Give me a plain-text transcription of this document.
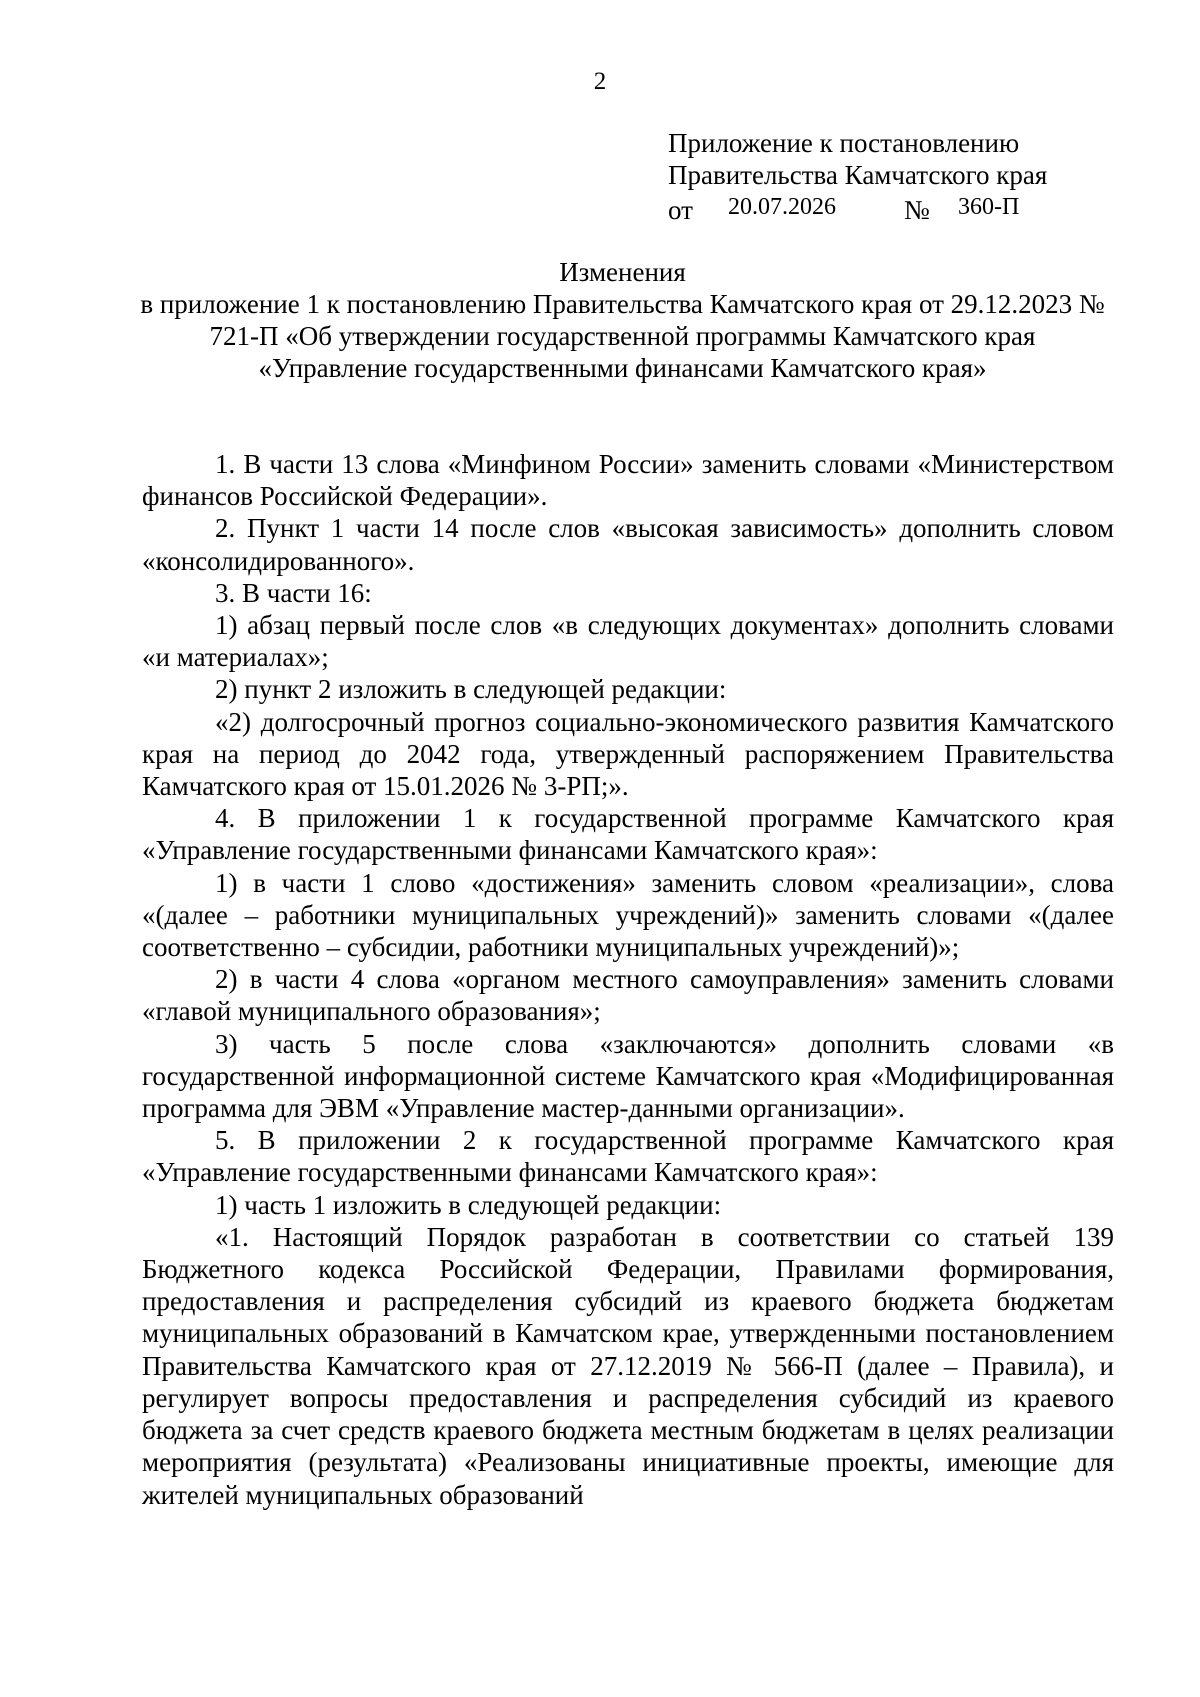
2
Приложение к постановлению
Правительства Камчатского края
от 20.07.2026	№ 360-П
Изменения
в приложение 1 к постановлению Правительства Камчатского края от 29.12.2023 № 721-П «Об утверждении государственной программы Камчатского края «Управление государственными финансами Камчатского края»

1. В части 13 слова «Минфином России» заменить словами «Министерством финансов Российской Федерации».

2. Пункт 1 части 14 после слов «высокая зависимость» дополнить словом «консолидированного».

3. В части 16:

1) абзац первый после слов «в следующих документах» дополнить словами «и материалах»;

2) пункт 2 изложить в следующей редакции:

«2) долгосрочный прогноз социально-экономического развития Камчатского края на период до 2042 года, утвержденный распоряжением Правительства Камчатского края от 15.01.2026 № 3-РП;».

4. В приложении 1 к государственной программе Камчатского края «Управление государственными финансами Камчатского края»:

1) в части 1 слово «достижения» заменить словом «реализации», слова «(далее – работники муниципальных учреждений)» заменить словами «(далее соответственно – субсидии, работники муниципальных учреждений)»;

2) в части 4 слова «органом местного самоуправления» заменить словами «главой муниципального образования»;

3) часть 5 после слова «заключаются» дополнить словами «в государственной информационной системе Камчатского края «Модифицированная программа для ЭВМ «Управление мастер-данными организации».

5. В приложении 2 к государственной программе Камчатского края «Управление государственными финансами Камчатского края»:

1) часть 1 изложить в следующей редакции:

«1. Настоящий Порядок разработан в соответствии со статьей 139 Бюджетного кодекса Российской Федерации, Правилами формирования, предоставления и распределения субсидий из краевого бюджета бюджетам муниципальных образований в Камчатском крае, утвержденными постановлением Правительства Камчатского края от 27.12.2019 № 566-П (далее – Правила), и регулирует вопросы предоставления и распределения субсидий из краевого бюджета за счет средств краевого бюджета местным бюджетам в целях реализации мероприятия (результата) «Реализованы инициативные проекты, имеющие для жителей муниципальных образований
